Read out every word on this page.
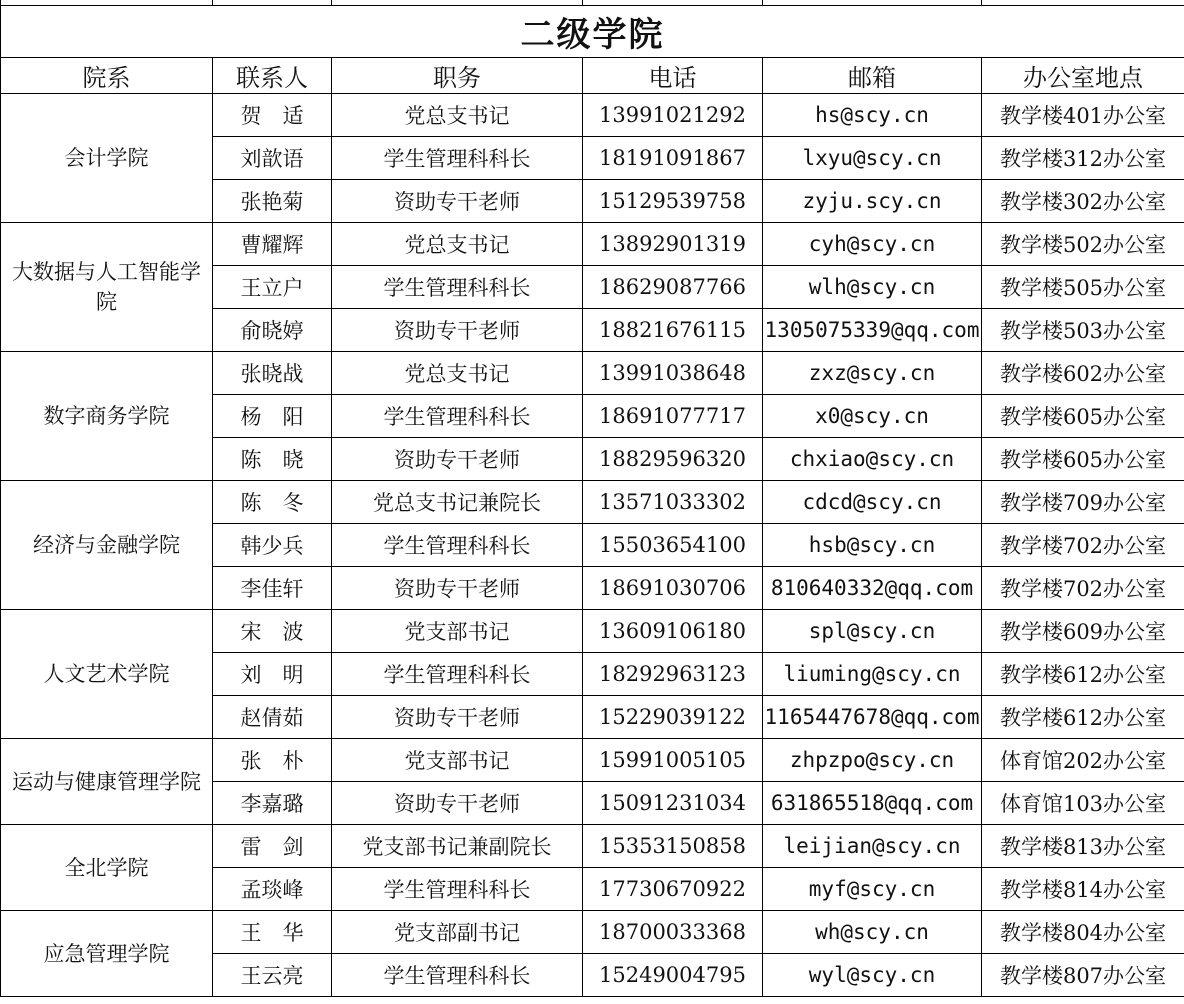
二级学院					
院系	联系人	职务	电话	邮箱	办公室地点
会计学院	贺　适	党总支书记	13991021292	hs@scy.cn	教学楼401办公室
	刘歆语	学生管理科科长	18191091867	lxyu@scy.cn	教学楼312办公室
	张艳菊	资助专干老师	15129539758	zyju.scy.cn	教学楼302办公室
大数据与人工智能学院	曹耀辉	党总支书记	13892901319	cyh@scy.cn	教学楼502办公室
	王立户	学生管理科科长	18629087766	wlh@scy.cn	教学楼505办公室
	俞晓婷	资助专干老师	18821676115	1305075339@qq.com	教学楼503办公室
数字商务学院	张晓战	党总支书记	13991038648	zxz@scy.cn	教学楼602办公室
	杨　阳	学生管理科科长	18691077717	x0@scy.cn	教学楼605办公室
	陈　晓	资助专干老师	18829596320	chxiao@scy.cn	教学楼605办公室
经济与金融学院	陈　冬	党总支书记兼院长	13571033302	cdcd@scy.cn	教学楼709办公室
	韩少兵	学生管理科科长	15503654100	hsb@scy.cn	教学楼702办公室
	李佳轩	资助专干老师	18691030706	810640332@qq.com	教学楼702办公室
人文艺术学院	宋　波	党支部书记	13609106180	spl@scy.cn	教学楼609办公室
	刘　明	学生管理科科长	18292963123	liuming@scy.cn	教学楼612办公室
	赵倩茹	资助专干老师	15229039122	1165447678@qq.com	教学楼612办公室
运动与健康管理学院	张　朴	党支部书记	15991005105	zhpzpo@scy.cn	体育馆202办公室
	李嘉璐	资助专干老师	15091231034	631865518@qq.com	体育馆103办公室
全北学院	雷　剑	党支部书记兼副院长	15353150858	leijian@scy.cn	教学楼813办公室
	孟琰峰	学生管理科科长	17730670922	myf@scy.cn	教学楼814办公室
应急管理学院	王　华	党支部副书记	18700033368	wh@scy.cn	教学楼804办公室
	王云亮	学生管理科科长	15249004795	wyl@scy.cn	教学楼807办公室
